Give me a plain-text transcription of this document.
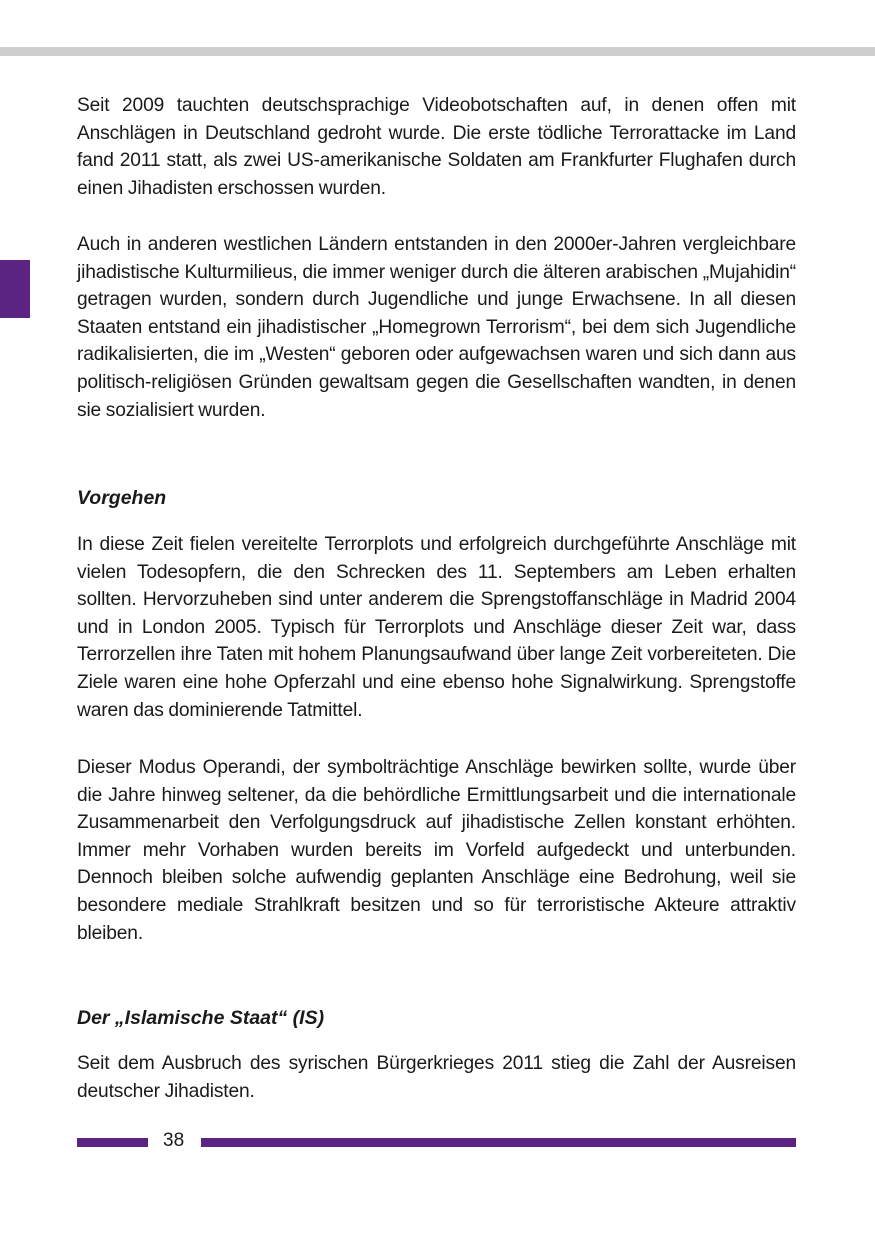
Seit 2009 tauchten deutschsprachige Videobotschaften auf, in denen offen mit Anschlägen in Deutschland gedroht wurde. Die erste tödliche Terrorattacke im Land fand 2011 statt, als zwei US-amerikanische Soldaten am Frankfurter Flughafen durch einen Jihadisten erschossen wurden.

Auch in anderen westlichen Ländern entstanden in den 2000er-Jahren vergleichbare jihadistische Kulturmilieus, die immer weniger durch die älteren arabischen „Mujahidin“ getragen wurden, sondern durch Jugendliche und junge Erwachsene. In all diesen Staaten entstand ein jihadistischer „Homegrown Terrorism“, bei dem sich Jugendliche radikalisierten, die im „Westen“ geboren oder aufgewachsen waren und sich dann aus politisch-religiösen Gründen gewaltsam gegen die Gesellschaften wandten, in denen sie sozialisiert wurden.

Vorgehen

In diese Zeit fielen vereitelte Terrorplots und erfolgreich durchgeführte Anschläge mit vielen Todesopfern, die den Schrecken des 11. Septembers am Leben erhalten sollten. Hervorzuheben sind unter anderem die Sprengstoffanschläge in Madrid 2004 und in London 2005. Typisch für Terrorplots und Anschläge dieser Zeit war, dass Terrorzellen ihre Taten mit hohem Planungsaufwand über lange Zeit vorbereiteten. Die Ziele waren eine hohe Opferzahl und eine ebenso hohe Signalwirkung. Sprengstoffe waren das dominierende Tatmittel.

Dieser Modus Operandi, der symbolträchtige Anschläge bewirken sollte, wurde über die Jahre hinweg seltener, da die behördliche Ermittlungsarbeit und die internationale Zusammenarbeit den Verfolgungsdruck auf jihadistische Zellen konstant erhöhten. Immer mehr Vorhaben wurden bereits im Vorfeld aufgedeckt und unterbunden. Dennoch bleiben solche aufwendig geplanten Anschläge eine Bedrohung, weil sie besondere mediale Strahlkraft besitzen und so für terroristische Akteure attraktiv bleiben.

Der „Islamische Staat“ (IS)

Seit dem Ausbruch des syrischen Bürgerkrieges 2011 stieg die Zahl der Ausreisen deutscher Jihadisten.

38
